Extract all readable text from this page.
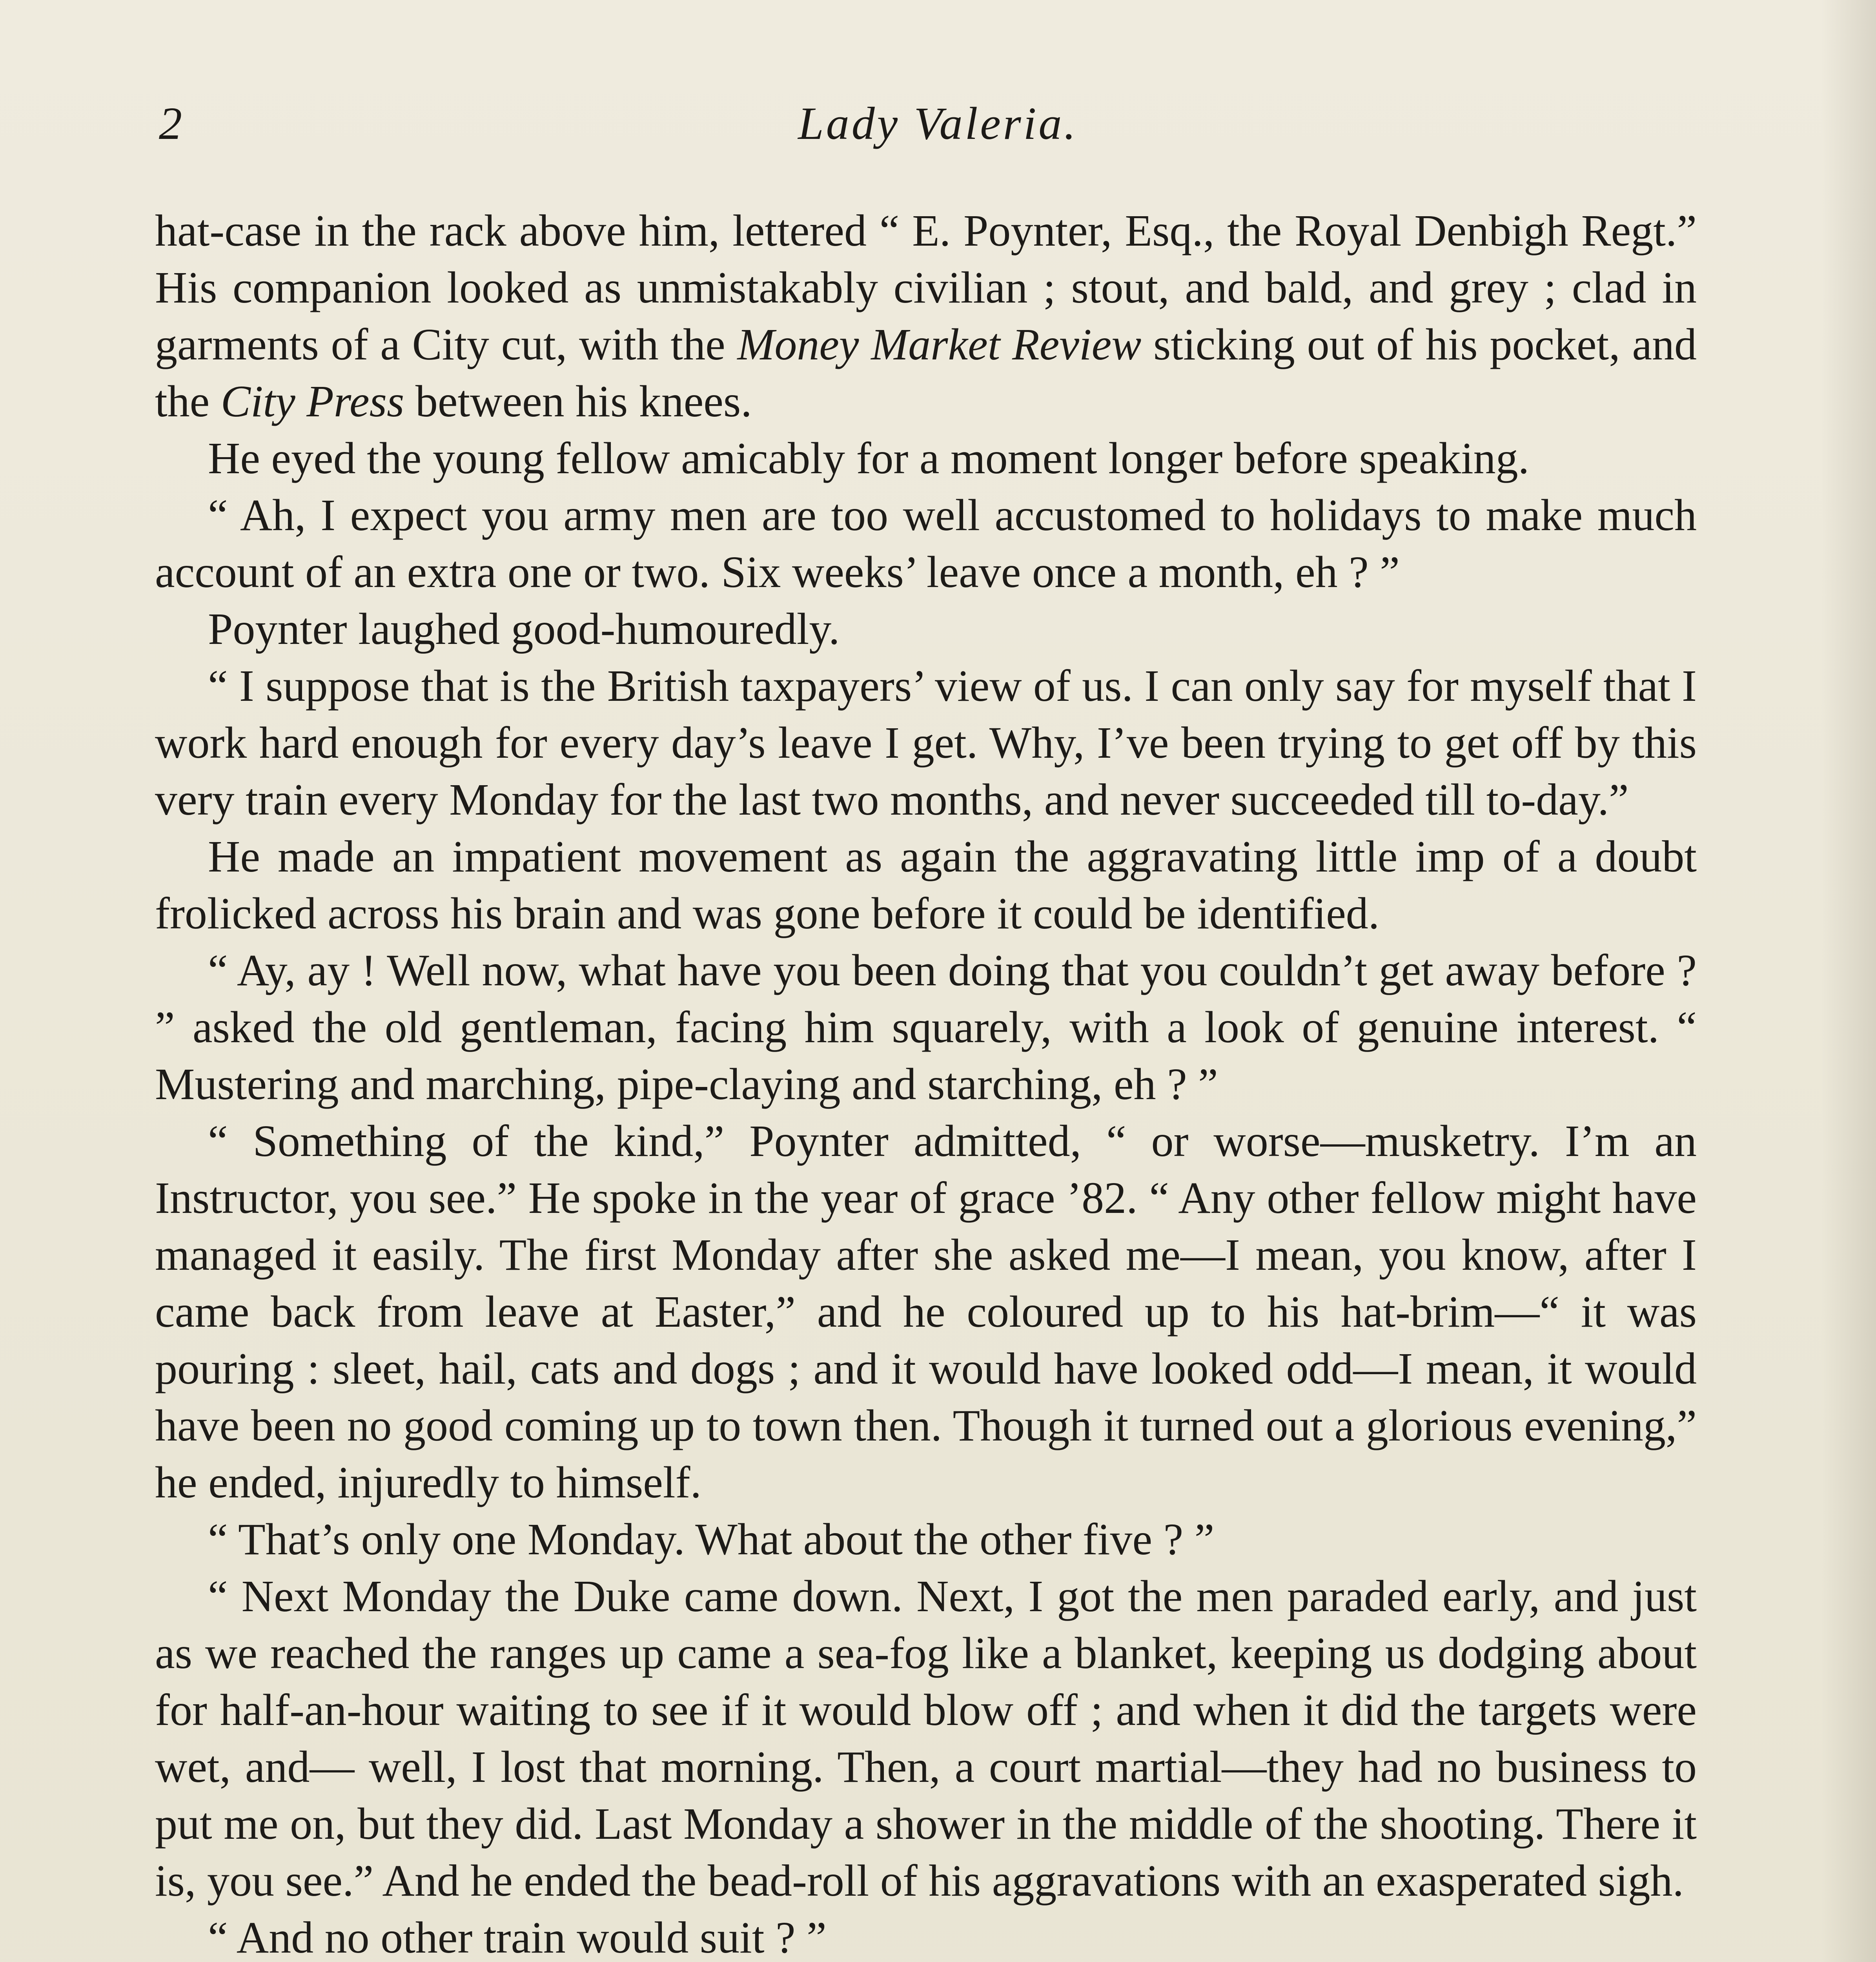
Lady Valeria.
2

hat-case in the rack above him, lettered “ E. Poynter, Esq., the Royal Denbigh Regt.” His companion looked as unmistakably civilian ; stout, and bald, and grey ; clad in garments of a City cut, with the Money Market Review sticking out of his pocket, and the City Press between his knees.

He eyed the young fellow amicably for a moment longer before speaking.

“ Ah, I expect you army men are too well accustomed to holidays to make much account of an extra one or two. Six weeks’ leave once a month, eh ? ”

Poynter laughed good-humouredly.

“ I suppose that is the British taxpayers’ view of us. I can only say for myself that I work hard enough for every day’s leave I get. Why, I’ve been trying to get off by this very train every Monday for the last two months, and never succeeded till to-day.”

He made an impatient movement as again the aggravating little imp of a doubt frolicked across his brain and was gone before it could be identified.

“ Ay, ay ! Well now, what have you been doing that you couldn’t get away before ? ” asked the old gentleman, facing him squarely, with a look of genuine interest. “ Mustering and marching, pipe-claying and starching, eh ? ”

“ Something of the kind,” Poynter admitted, “ or worse—musketry. I’m an Instructor, you see.” He spoke in the year of grace ’82. “ Any other fellow might have managed it easily. The first Monday after she asked me—I mean, you know, after I came back from leave at Easter,” and he coloured up to his hat-brim—“ it was pouring : sleet, hail, cats and dogs ; and it would have looked odd—I mean, it would have been no good coming up to town then. Though it turned out a glorious evening,” he ended, injuredly to himself.

“ That’s only one Monday. What about the other five ? ”

“ Next Monday the Duke came down. Next, I got the men paraded early, and just as we reached the ranges up came a sea-fog like a blanket, keeping us dodging about for half-an-hour waiting to see if it would blow off ; and when it did the targets were wet, and— well, I lost that morning. Then, a court martial—they had no business to put me on, but they did. Last Monday a shower in the middle of the shooting. There it is, you see.” And he ended the bead-roll of his aggravations with an exasperated sigh.

“ And no other train would suit ? ”
